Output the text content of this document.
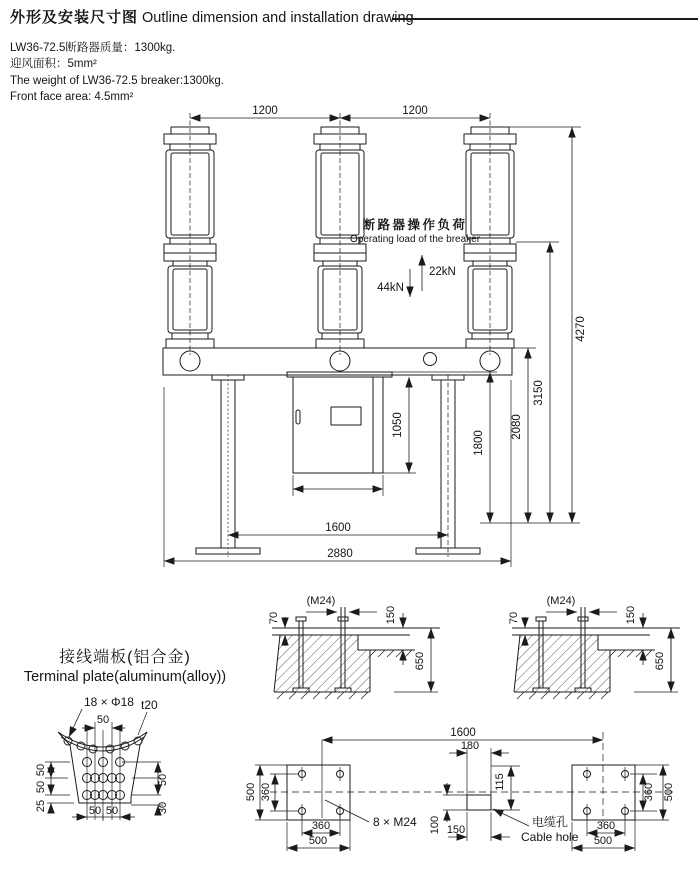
外形及安装尺寸图 Outline dimension and installation drawing
LW36-72.5断路器质量：1300kg.
迎风面积：5mm²
The weight of LW36-72.5 breaker:1300kg.
Front face area: 4.5mm²
1200	1200
断路器操作负荷
Operating load of the breaker
22kN
44kN
1050
1800
2080
3150
4270
1600
2880
(M24)
70	150
650
(M24)
70	150
650
接线端板(铝合金)
Terminal plate(aluminum(alloy))
18 × Φ18 t20
50
50
50
25	50 50
50
30
1600
500 360
360
500
8 × M24
180
115
100 150
电缆孔
Cable hole
360 500
360
500
